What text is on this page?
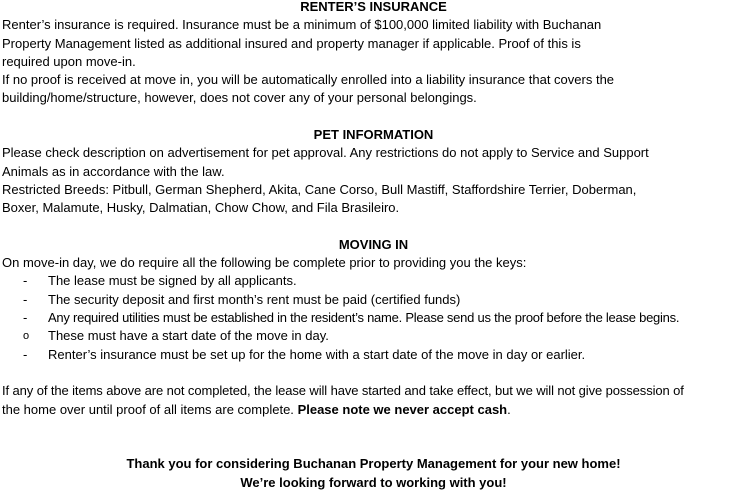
RENTER’S INSURANCE

Renter’s insurance is required. Insurance must be a minimum of $100,000 limited liability with Buchanan

Property Management listed as additional insured and property manager if applicable. Proof of this is

required upon move-in.

If no proof is received at move in, you will be automatically enrolled into a liability insurance that covers the

building/home/structure, however, does not cover any of your personal belongings.

PET INFORMATION

Please check description on advertisement for pet approval. Any restrictions do not apply to Service and Support

Animals as in accordance with the law.

Restricted Breeds: Pitbull, German Shepherd, Akita, Cane Corso, Bull Mastiff, Staffordshire Terrier, Doberman,

Boxer, Malamute, Husky, Dalmatian, Chow Chow, and Fila Brasileiro.

MOVING IN

On move-in day, we do require all the following be complete prior to providing you the keys:

- The lease must be signed by all applicants.
- The security deposit and first month’s rent must be paid (certified funds)
- Any required utilities must be established in the resident’s name. Please send us the proof before the lease begins.
o These must have a start date of the move in day.
- Renter’s insurance must be set up for the home with a start date of the move in day or earlier.

If any of the items above are not completed, the lease will have started and take effect, but we will not give possession of

the home over until proof of all items are complete. Please note we never accept cash.

Thank you for considering Buchanan Property Management for your new home!

We’re looking forward to working with you!
